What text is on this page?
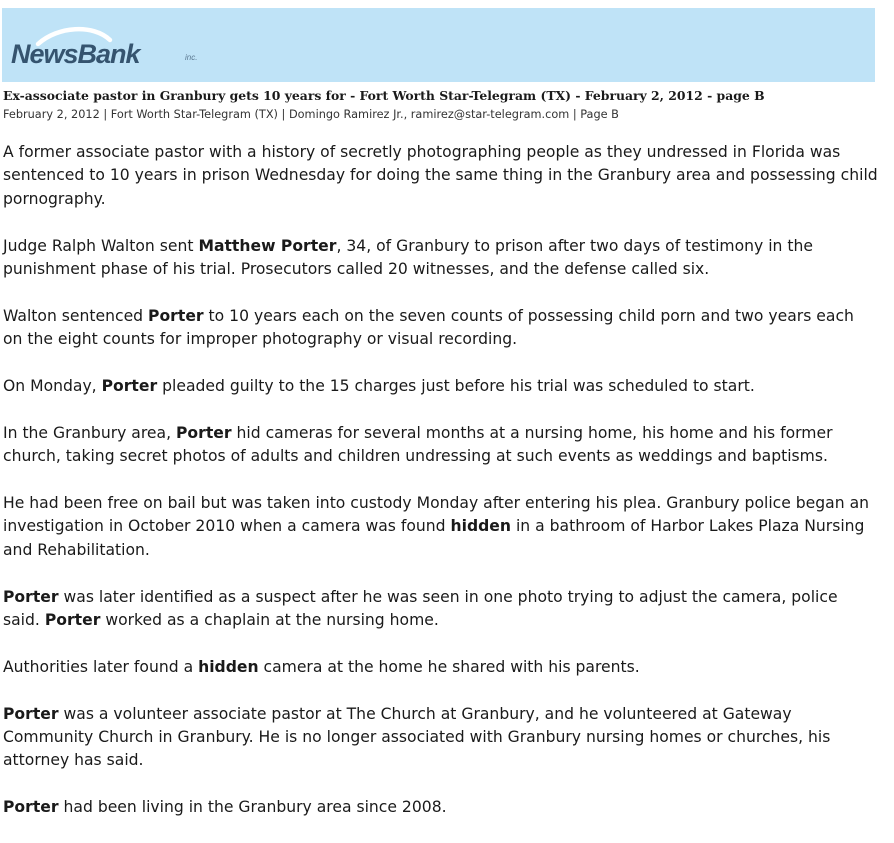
NewsBank	inc.
Ex-associate pastor in Granbury gets 10 years for - Fort Worth Star-Telegram (TX) - February 2, 2012 - page B
February 2, 2012 | Fort Worth Star-Telegram (TX) | Domingo Ramirez Jr., ramirez@star-telegram.com | Page B

A former associate pastor with a history of secretly photographing people as they undressed in Florida was sentenced to 10 years in prison Wednesday for doing the same thing in the Granbury area and possessing child pornography.

Judge Ralph Walton sent Matthew Porter, 34, of Granbury to prison after two days of testimony in the punishment phase of his trial. Prosecutors called 20 witnesses, and the defense called six.

Walton sentenced Porter to 10 years each on the seven counts of possessing child porn and two years each on the eight counts for improper photography or visual recording.

On Monday, Porter pleaded guilty to the 15 charges just before his trial was scheduled to start.

In the Granbury area, Porter hid cameras for several months at a nursing home, his home and his former church, taking secret photos of adults and children undressing at such events as weddings and baptisms.

He had been free on bail but was taken into custody Monday after entering his plea. Granbury police began an investigation in October 2010 when a camera was found hidden in a bathroom of Harbor Lakes Plaza Nursing and Rehabilitation.

Porter was later identified as a suspect after he was seen in one photo trying to adjust the camera, police said. Porter worked as a chaplain at the nursing home.

Authorities later found a hidden camera at the home he shared with his parents.

Porter was a volunteer associate pastor at The Church at Granbury, and he volunteered at Gateway Community Church in Granbury. He is no longer associated with Granbury nursing homes or churches, his attorney has said.

Porter had been living in the Granbury area since 2008.
